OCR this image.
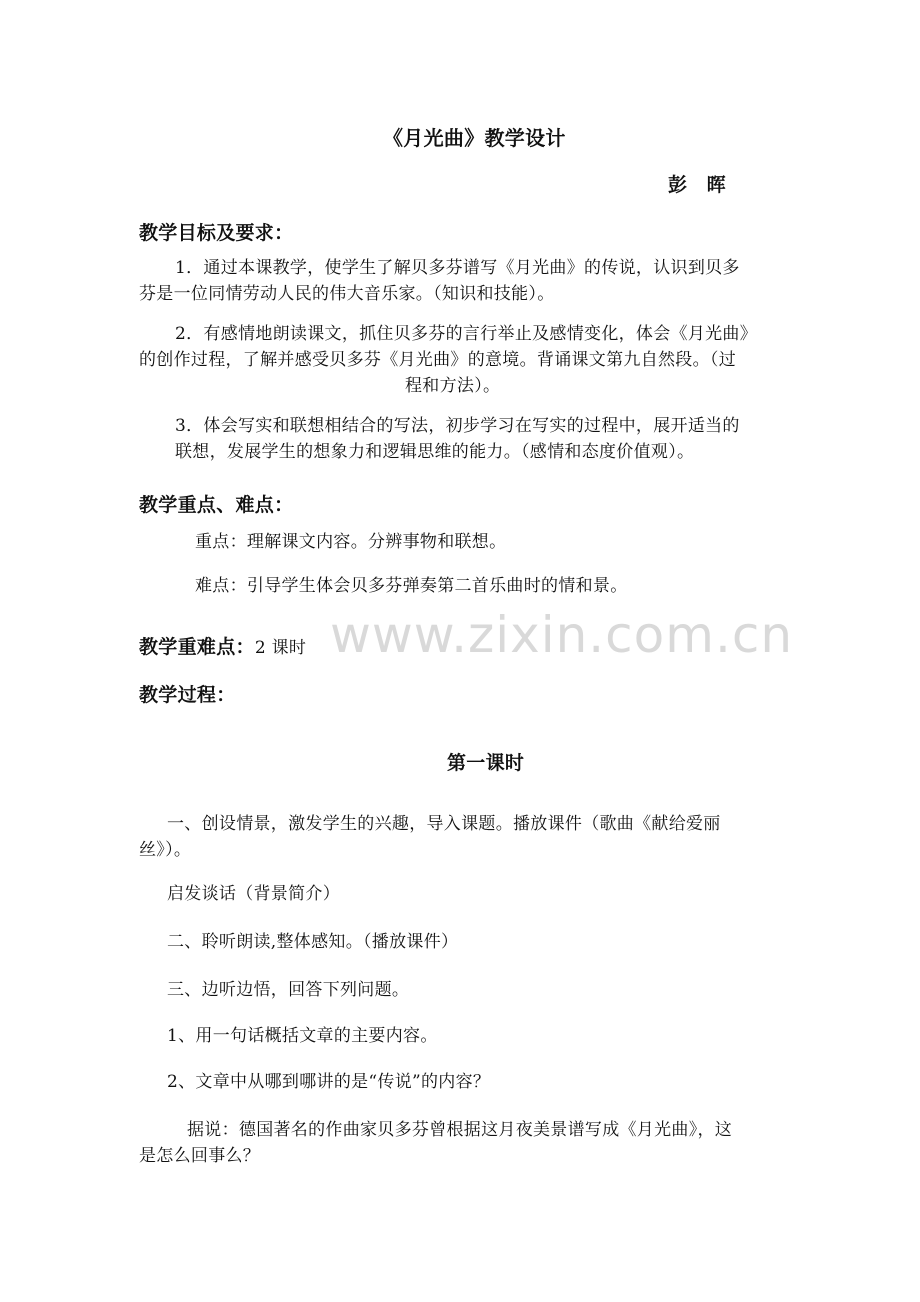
www.zixin.com.cn
《月光曲》教学设计
彭　晖
教学目标及要求：
1．通过本课教学，使学生了解贝多芬谱写《月光曲》的传说，认识到贝多
芬是一位同情劳动人民的伟大音乐家。（知识和技能）。
2．有感情地朗读课文，抓住贝多芬的言行举止及感情变化，体会《月光曲》
的创作过程，了解并感受贝多芬《月光曲》的意境。背诵课文第九自然段。（过
程和方法）。
3．体会写实和联想相结合的写法，初步学习在写实的过程中，展开适当的
联想，发展学生的想象力和逻辑思维的能力。（感情和态度价值观）。
教学重点、难点：
重点：理解课文内容。分辨事物和联想。
难点：引导学生体会贝多芬弹奏第二首乐曲时的情和景。
教学重难点：2 课时
教学过程：
第一课时
一、创设情景，激发学生的兴趣，导入课题。播放课件（歌曲《献给爱丽
丝》）。
启发谈话（背景简介）
二、聆听朗读,整体感知。（播放课件）
三、边听边悟，回答下列问题。
1、用一句话概括文章的主要内容。
2、文章中从哪到哪讲的是“传说”的内容？
据说：德国著名的作曲家贝多芬曾根据这月夜美景谱写成《月光曲》，这
是怎么回事么？
